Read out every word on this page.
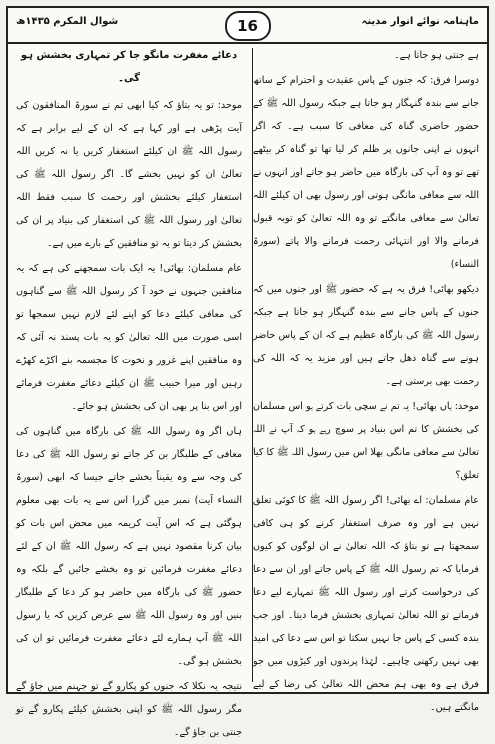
ماہنامہ نوائے انوار مدینہ
16
شوال المکرم ۱۴۳۵ھ

ہے جنتی ہو جاتا ہے۔

دوسرا فرق: کہ جنوں کے پاس عقیدت و احترام کے ساتھ جانے سے بندہ گنہگار ہو جاتا ہے جبکہ رسول اللہ ﷺ کے حضور حاضری گناہ کی معافی کا سبب ہے۔ کہ اگر انہوں نے اپنی جانوں پر ظلم کر لیا تھا تو گناہ کر بیٹھے تھے تو وہ آپ کی بارگاہ میں حاضر ہو جاتے اور انہوں نے اللہ سے معافی مانگی ہوتی اور رسول بھی ان کیلئے اللہ تعالیٰ سے معافی مانگتے تو وہ اللہ تعالیٰ کو توبہ قبول فرمانے والا اور انتہائی رحمت فرمانے والا پاتے (سورۃ النساء)

دیکھو بھائی! فرق یہ ہے کہ حضور ﷺ اور جنوں میں کہ جنوں کے پاس جانے سے بندہ گنہگار ہو جاتا ہے جبکہ رسول اللہ ﷺ کی بارگاہ عظیم ہے کہ ان کے پاس حاضر ہونے سے گناہ دھل جاتے ہیں اور مزید یہ کہ اللہ کی رحمت بھی برستی ہے۔

موحد: ہاں بھائی! یہ تم نے سچی بات کرتے ہو اس مسلمان کی بخشش کا تم اس بنیاد پر سوچ رہے ہو کہ آپ نے اللہ تعالیٰ سے معافی مانگی بھلا اس میں رسول اللہ ﷺ کا کیا تعلق؟

عام مسلمان: اے بھائی! اگر رسول اللہ ﷺ کا کوئی تعلق نہیں ہے اور وہ صرف استغفار کرنے کو ہی کافی سمجھتا ہے تو بتاؤ کہ اللہ تعالیٰ نے ان لوگوں کو کیوں فرمایا کہ تم رسول اللہ ﷺ کے پاس جاتے اور ان سے دعا کی درخواست کرتے اور رسول اللہ ﷺ تمہارے لیے دعا فرماتے تو اللہ تعالیٰ تمہاری بخشش فرما دیتا۔ اور جب بندہ کسی کے پاس جا نہیں سکتا تو اس سے دعا کی امید بھی نہیں رکھنی چاہیے۔ لہٰذا پرندوں اور کیڑوں میں جو فرق ہے وہ بھی ہم محض اللہ تعالیٰ کی رضا کے لیے مانگتے ہیں۔

دعائے مغفرت مانگو جا کر تمہاری بخشش ہو گی۔

موحد: تو یہ بتاؤ کہ کیا ابھی تم نے سورۃ المنافقون کی آیت پڑھی ہے اور کہا ہے کہ ان کے لیے برابر ہے کہ رسول اللہ ﷺ ان کیلئے استغفار کریں یا نہ کریں اللہ تعالیٰ ان کو نہیں بخشے گا۔ اگر رسول اللہ ﷺ کی استغفار کیلئے بخشش اور رحمت کا سبب فقط اللہ تعالیٰ اور رسول اللہ ﷺ کی استغفار کی بنیاد پر ان کی بخشش کر دیتا تو یہ تو منافقین کے بارے میں ہے۔

عام مسلمان: بھائی! یہ ایک بات سمجھنے کی ہے کہ یہ منافقین جنہوں نے خود آ کر رسول اللہ ﷺ سے گناہوں کی معافی کیلئے دعا کو اپنے لئے لازم نہیں سمجھا تو اسی صورت میں اللہ تعالیٰ کو یہ بات پسند نہ آئی کہ وہ منافقین اپنے غرور و نخوت کا مجسمہ بنے اکڑے کھڑے رہیں اور میرا حبیب ﷺ ان کیلئے دعائے مغفرت فرمائے اور اس بنا پر بھی ان کی بخشش ہو جائے۔

ہاں اگر وہ رسول اللہ ﷺ کی بارگاہ میں گناہوں کی معافی کے طلبگار بن کر جاتے تو رسول اللہ ﷺ کی دعا کی وجہ سے وہ یقیناً بخشے جاتے جیسا کہ ابھی (سورۃ النساء آیت) نمبر میں گزرا اس سے یہ بات بھی معلوم ہوگئی ہے کہ اس آیت کریمہ میں محض اس بات کو بیان کرنا مقصود نہیں ہے کہ رسول اللہ ﷺ ان کے لئے دعائے مغفرت فرمائیں تو وہ بخشے جائیں گے بلکہ وہ حضور ﷺ کی بارگاہ میں حاضر ہو کر دعا کے طلبگار بنیں اور وہ رسول اللہ ﷺ سے عرض کریں کہ یا رسول اللہ ﷺ آپ ہمارے لئے دعائے مغفرت فرمائیں تو ان کی بخشش ہو گی۔

نتیجہ یہ نکلا کہ جنوں کو پکارو گے تو جہنم میں جاؤ گے مگر رسول اللہ ﷺ کو اپنی بخشش کیلئے پکارو گے تو جنتی بن جاؤ گے۔
